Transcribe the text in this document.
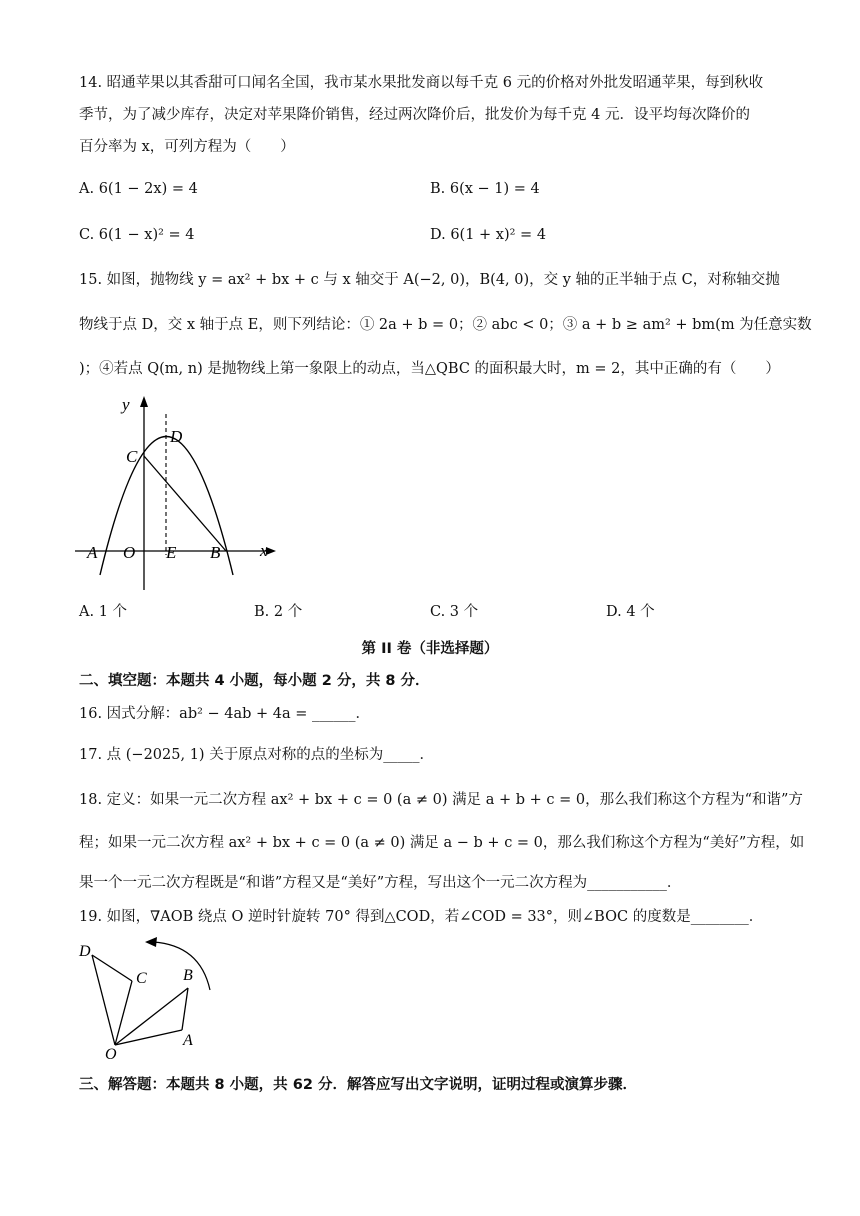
14. 昭通苹果以其香甜可口闻名全国，我市某水果批发商以每千克 6 元的价格对外批发昭通苹果，每到秋收
季节，为了减少库存，决定对苹果降价销售，经过两次降价后，批发价为每千克 4 元．设平均每次降价的
百分率为 x，可列方程为（　　）
A. 6(1 − 2x) = 4	B. 6(x − 1) = 4
C. 6(1 − x)² = 4	D. 6(1 + x)² = 4
15. 如图，抛物线 y = ax² + bx + c 与 x 轴交于 A(−2, 0)，B(4, 0)，交 y 轴的正半轴于点 C，对称轴交抛
物线于点 D，交 x 轴于点 E，则下列结论：① 2a + b = 0；② abc < 0；③ a + b ≥ am² + bm(m 为任意实数
)；④若点 Q(m, n) 是抛物线上第一象限上的动点，当△QBC 的面积最大时，m = 2，其中正确的有（　　）
y
x
D
C
A O E B
A. 1 个	B. 2 个	C. 3 个	D. 4 个
第 II 卷（非选择题）
二、填空题：本题共 4 小题，每小题 2 分，共 8 分．
16. 因式分解：ab² − 4ab + 4a = ______．
17. 点 (−2025, 1) 关于原点对称的点的坐标为_____．
18. 定义：如果一元二次方程 ax² + bx + c = 0 (a ≠ 0) 满足 a + b + c = 0，那么我们称这个方程为“和谐”方
程；如果一元二次方程 ax² + bx + c = 0 (a ≠ 0) 满足 a − b + c = 0，那么我们称这个方程为“美好”方程，如
果一个一元二次方程既是“和谐”方程又是“美好”方程，写出这个一元二次方程为___________．
19. 如图，∇AOB 绕点 O 逆时针旋转 70° 得到△COD，若∠COD = 33°，则∠BOC 的度数是________．
D
C B
A
O
三、解答题：本题共 8 小题，共 62 分．解答应写出文字说明，证明过程或演算步骤．
